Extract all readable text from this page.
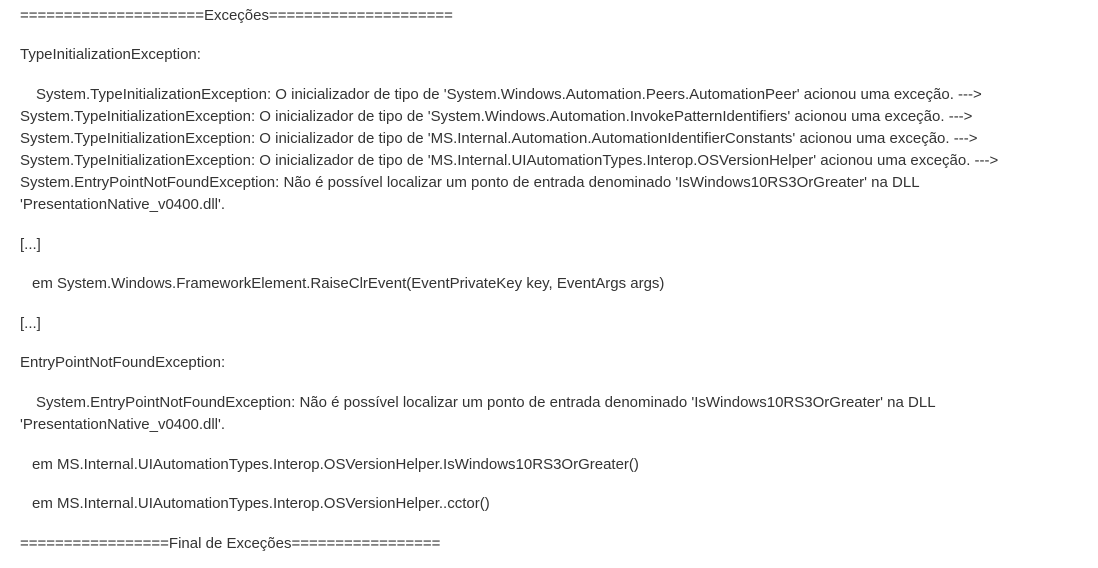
=====================Exceções=====================
TypeInitializationException:
System.TypeInitializationException: O inicializador de tipo de 'System.Windows.Automation.Peers.AutomationPeer' acionou uma exceção. --->
System.TypeInitializationException: O inicializador de tipo de 'System.Windows.Automation.InvokePatternIdentifiers' acionou uma exceção. --->
System.TypeInitializationException: O inicializador de tipo de 'MS.Internal.Automation.AutomationIdentifierConstants' acionou uma exceção. --->
System.TypeInitializationException: O inicializador de tipo de 'MS.Internal.UIAutomationTypes.Interop.OSVersionHelper' acionou uma exceção. --->
System.EntryPointNotFoundException: Não é possível localizar um ponto de entrada denominado 'IsWindows10RS3OrGreater' na DLL
'PresentationNative_v0400.dll'.
[...]
em System.Windows.FrameworkElement.RaiseClrEvent(EventPrivateKey key, EventArgs args)
[...]
EntryPointNotFoundException:
System.EntryPointNotFoundException: Não é possível localizar um ponto de entrada denominado 'IsWindows10RS3OrGreater' na DLL
'PresentationNative_v0400.dll'.
em MS.Internal.UIAutomationTypes.Interop.OSVersionHelper.IsWindows10RS3OrGreater()
em MS.Internal.UIAutomationTypes.Interop.OSVersionHelper..cctor()
=================Final de Exceções=================
